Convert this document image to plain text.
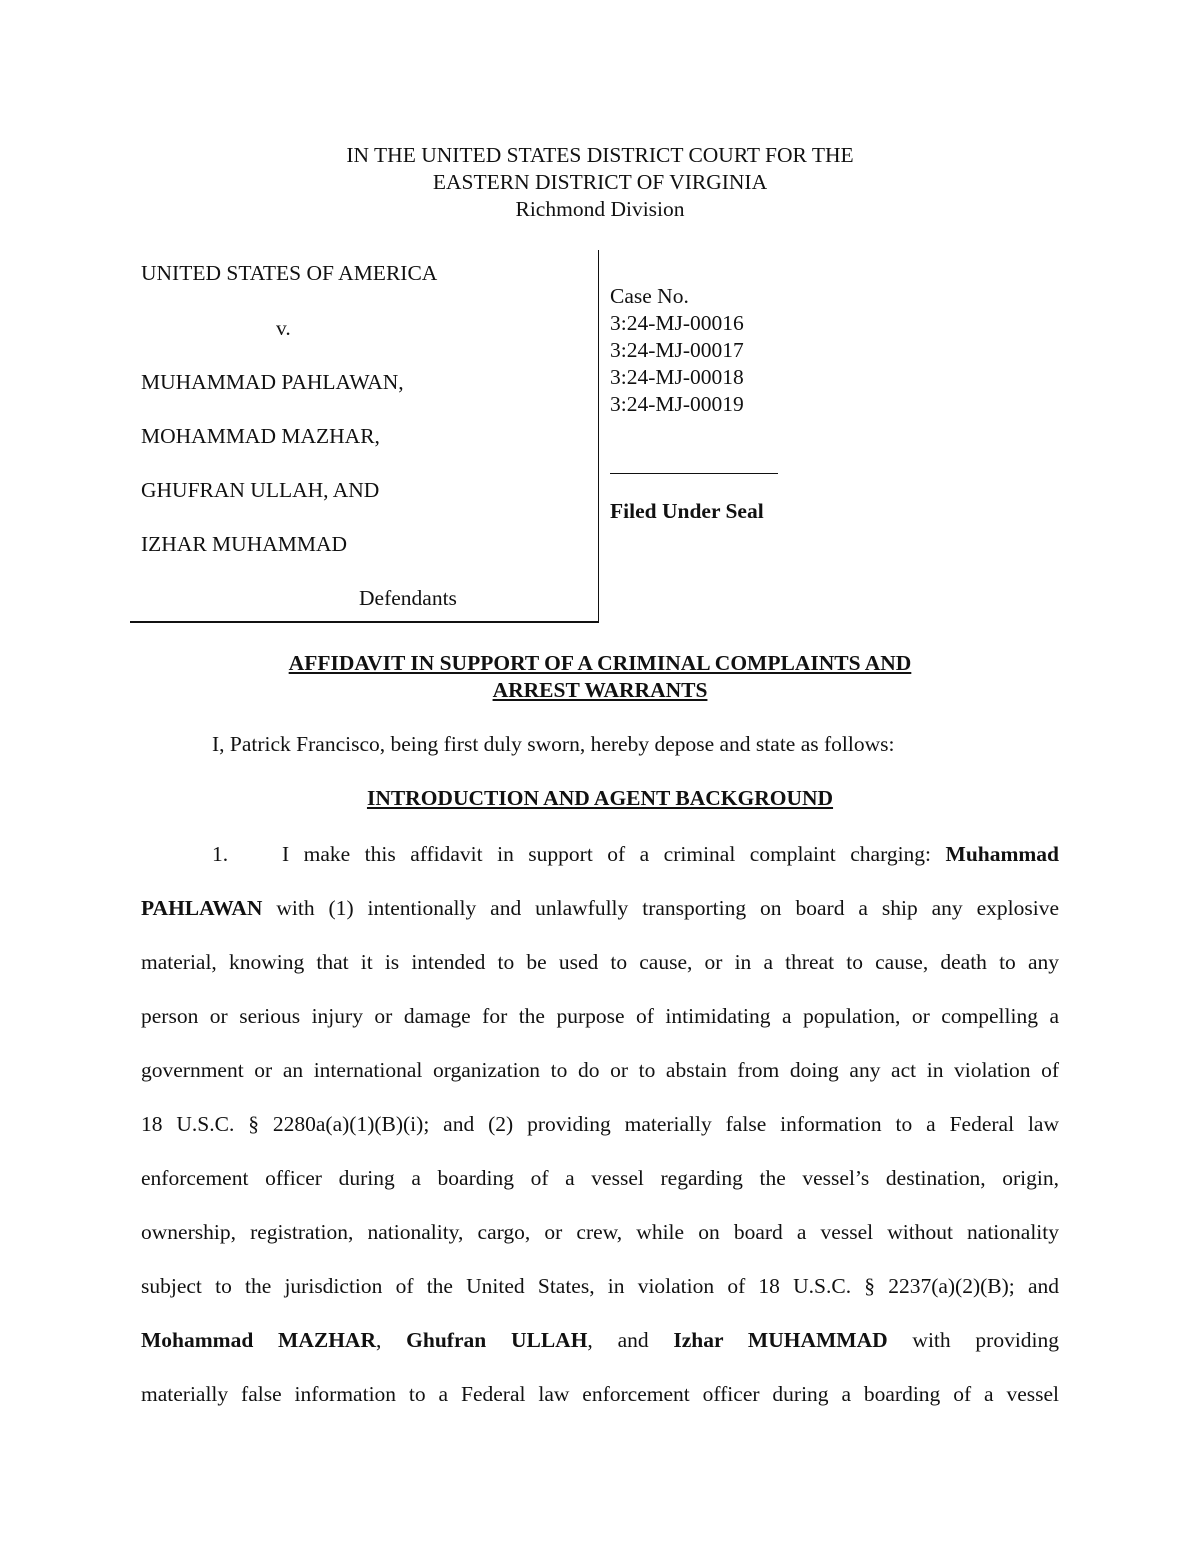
IN THE UNITED STATES DISTRICT COURT FOR THE
EASTERN DISTRICT OF VIRGINIA
Richmond Division
UNITED STATES OF AMERICA
v.
MUHAMMAD PAHLAWAN,
MOHAMMAD MAZHAR,
GHUFRAN ULLAH, AND
IZHAR MUHAMMAD
Defendants
Case No.
3:24-MJ-00016
3:24-MJ-00017
3:24-MJ-00018
3:24-MJ-00019
Filed Under Seal
AFFIDAVIT IN SUPPORT OF A CRIMINAL COMPLAINTS AND
ARREST WARRANTS
I, Patrick Francisco, being first duly sworn, hereby depose and state as follows:
INTRODUCTION AND AGENT BACKGROUND
1.	I make this affidavit in support of a criminal complaint charging: Muhammad
PAHLAWAN with (1) intentionally and unlawfully transporting on board a ship any explosive
material, knowing that it is intended to be used to cause, or in a threat to cause, death to any
person or serious injury or damage for the purpose of intimidating a population, or compelling a
government or an international organization to do or to abstain from doing any act in violation of
18 U.S.C. § 2280a(a)(1)(B)(i); and (2) providing materially false information to a Federal law
enforcement officer during a boarding of a vessel regarding the vessel’s destination, origin,
ownership, registration, nationality, cargo, or crew, while on board a vessel without nationality
subject to the jurisdiction of the United States, in violation of 18 U.S.C. § 2237(a)(2)(B); and
Mohammad MAZHAR, Ghufran ULLAH, and Izhar MUHAMMAD with providing
materially false information to a Federal law enforcement officer during a boarding of a vessel
